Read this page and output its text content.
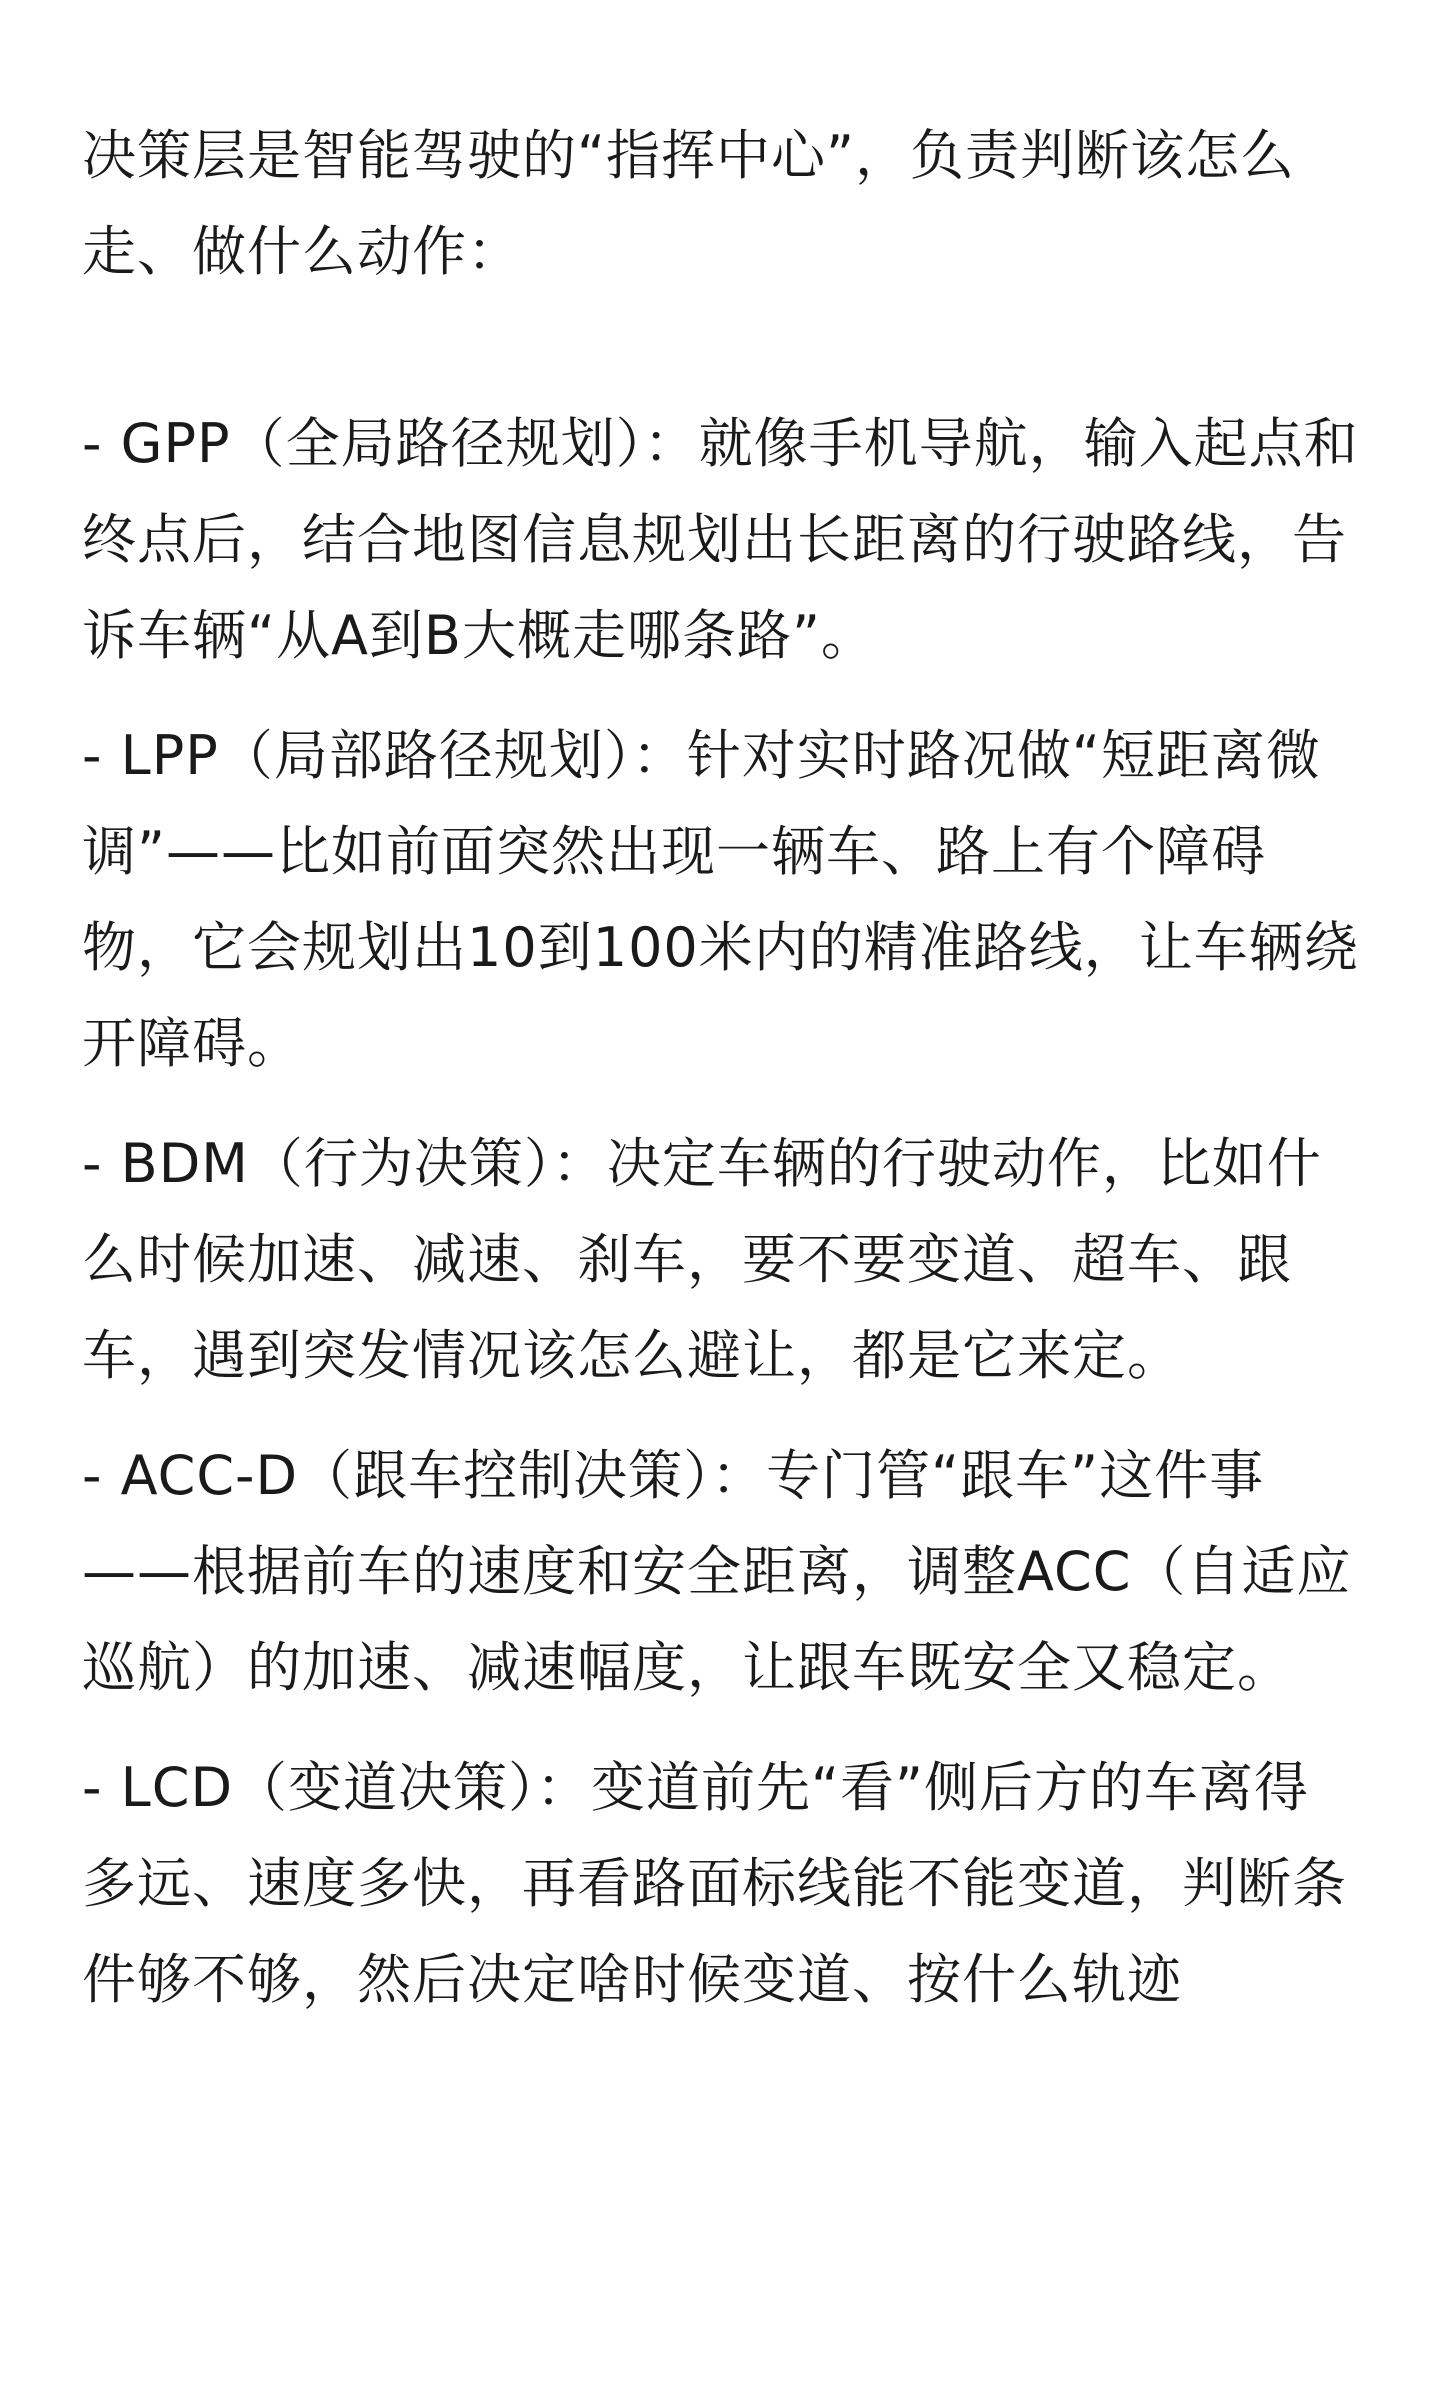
决策层是智能驾驶的“指挥中心”，负责判断该怎么走、做什么动作：

- GPP（全局路径规划）：就像手机导航，输入起点和终点后，结合地图信息规划出长距离的行驶路线，告诉车辆“从A到B大概走哪条路”。

- LPP（局部路径规划）：针对实时路况做“短距离微调”——比如前面突然出现一辆车、路上有个障碍物，它会规划出10到100米内的精准路线，让车辆绕开障碍。

- BDM（行为决策）：决定车辆的行驶动作，比如什么时候加速、减速、刹车，要不要变道、超车、跟车，遇到突发情况该怎么避让，都是它来定。

- ACC-D（跟车控制决策）：专门管“跟车”这件事——根据前车的速度和安全距离，调整ACC（自适应巡航）的加速、减速幅度，让跟车既安全又稳定。

- LCD（变道决策）：变道前先“看”侧后方的车离得多远、速度多快，再看路面标线能不能变道，判断条件够不够，然后决定啥时候变道、按什么轨迹
